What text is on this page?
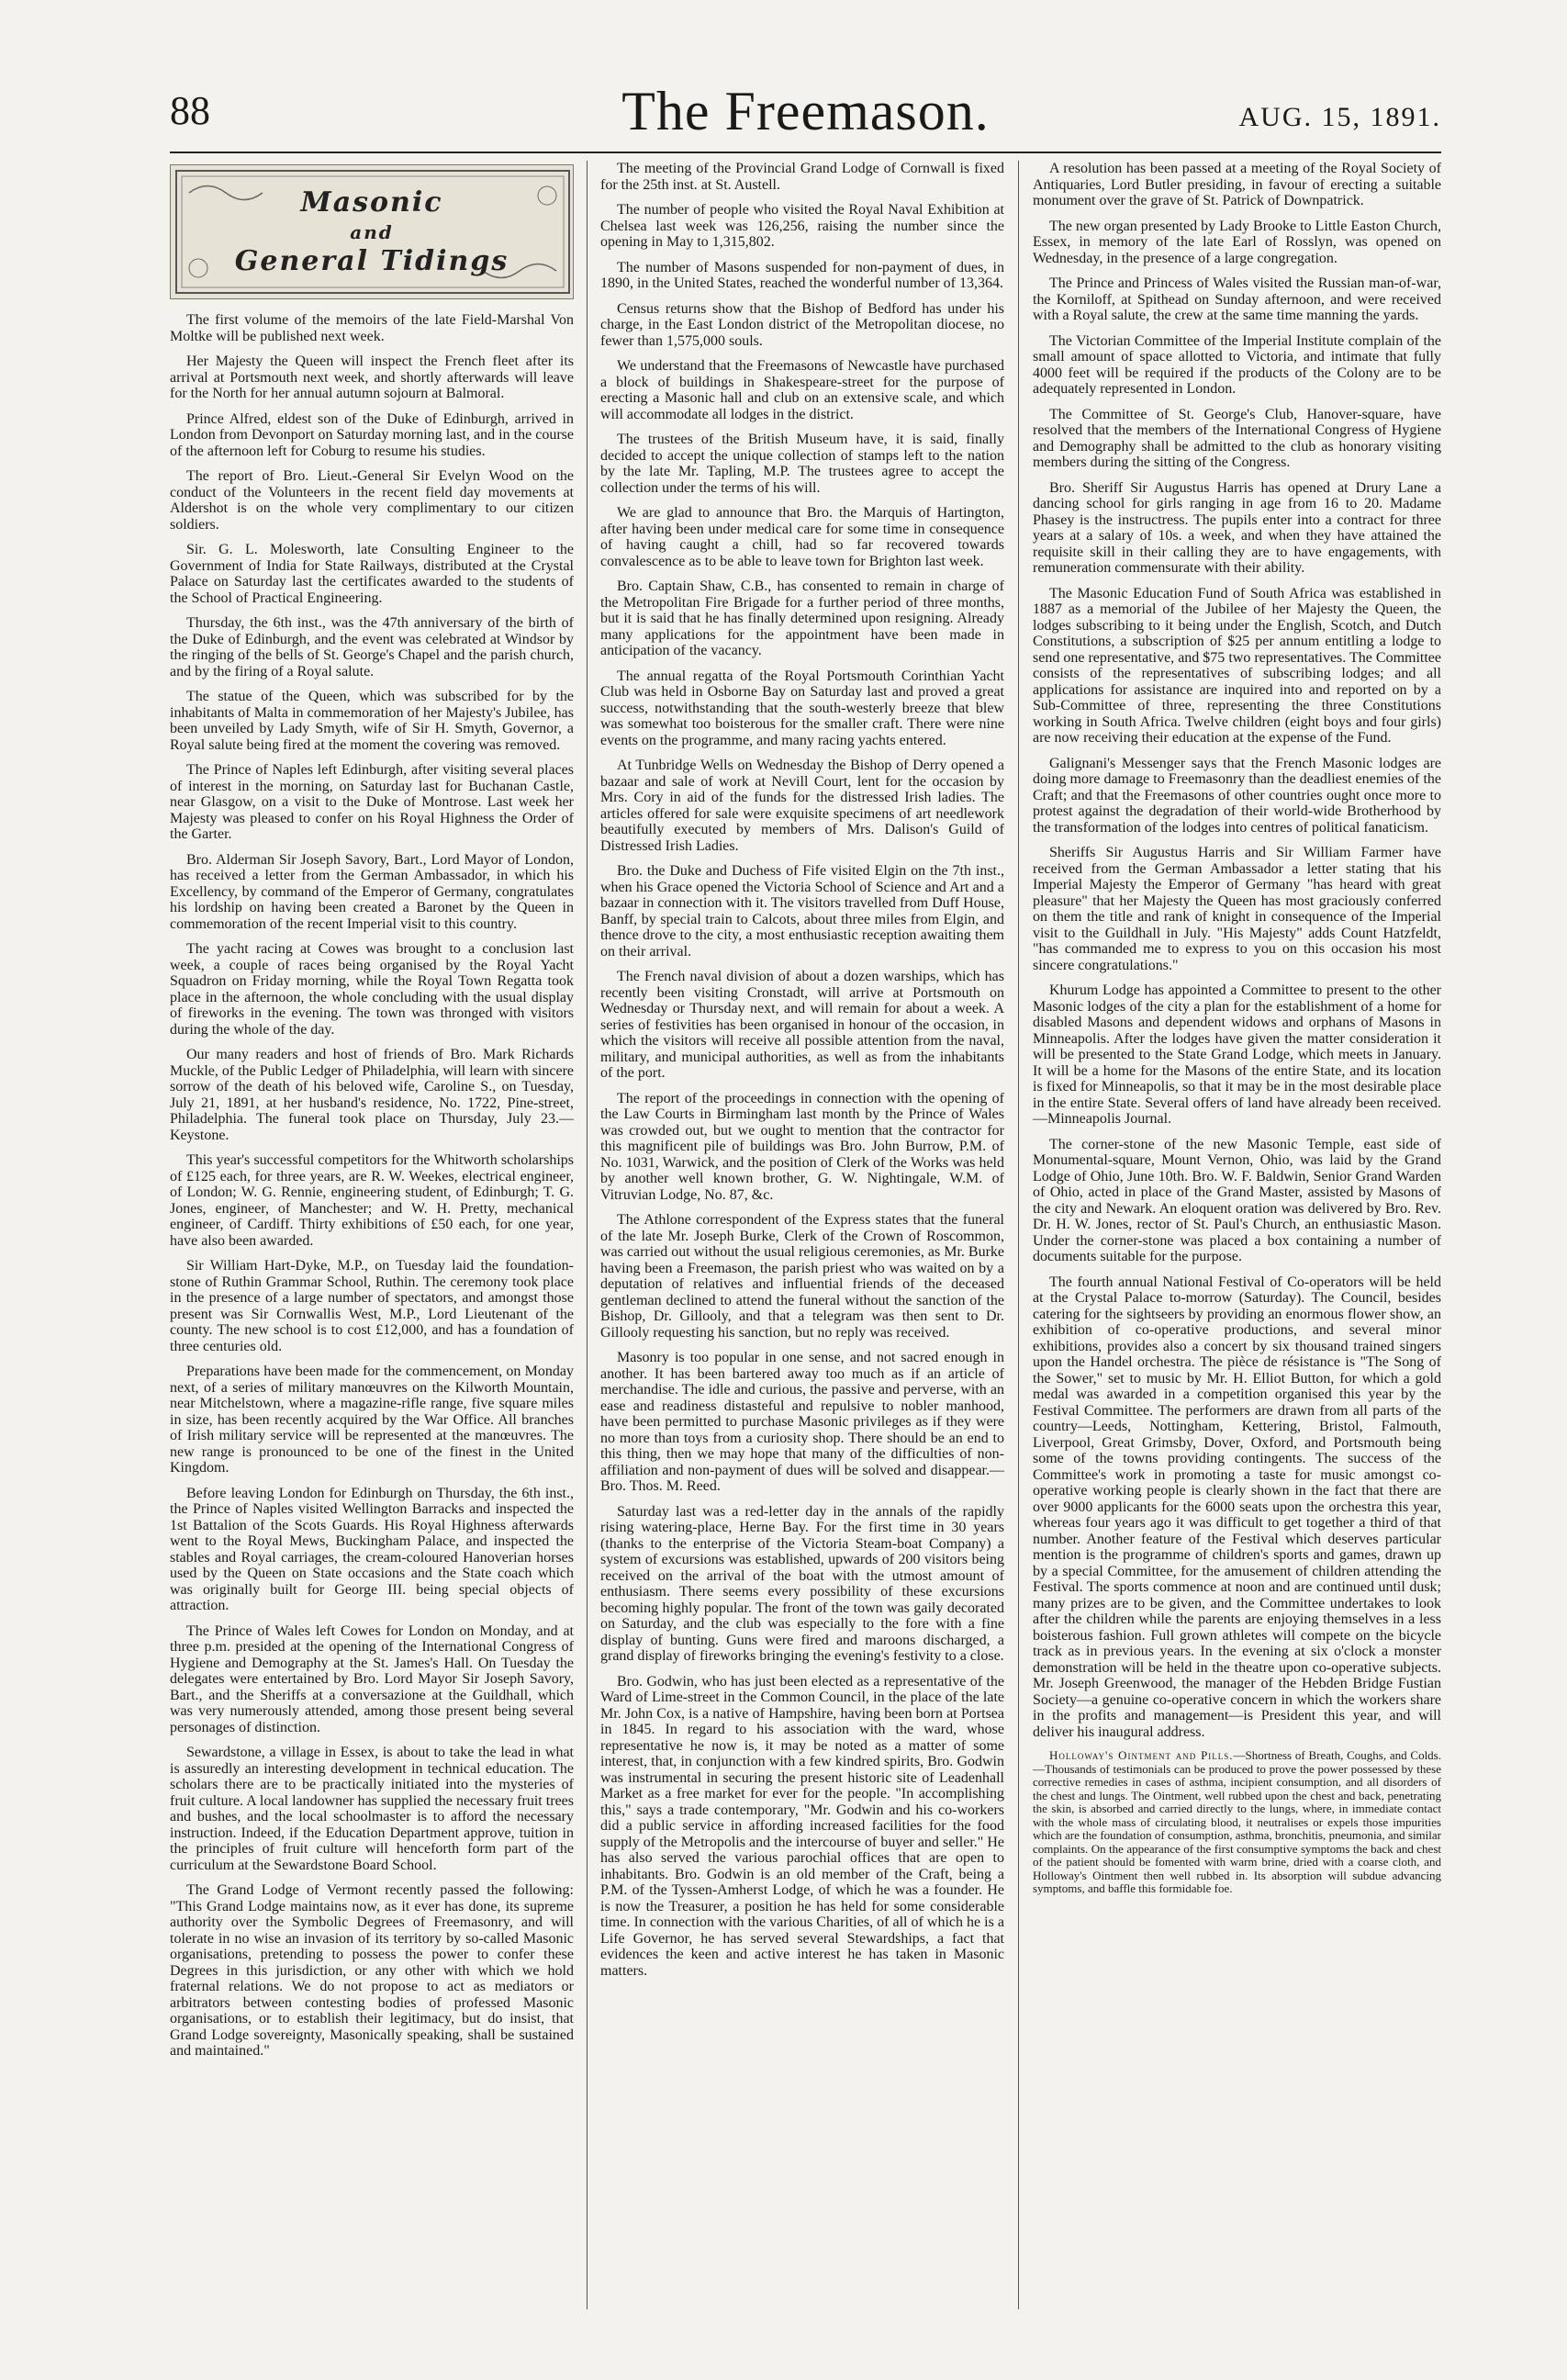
88	The Freemason.	AUG. 15, 1891.
Masonic
and
General Tidings

The first volume of the memoirs of the late Field-Marshal Von Moltke will be published next week.

Her Majesty the Queen will inspect the French fleet after its arrival at Portsmouth next week, and shortly afterwards will leave for the North for her annual autumn sojourn at Balmoral.

Prince Alfred, eldest son of the Duke of Edinburgh, arrived in London from Devonport on Saturday morning last, and in the course of the afternoon left for Coburg to resume his studies.

The report of Bro. Lieut.-General Sir Evelyn Wood on the conduct of the Volunteers in the recent field day movements at Aldershot is on the whole very complimentary to our citizen soldiers.

Sir. G. L. Molesworth, late Consulting Engineer to the Government of India for State Railways, distributed at the Crystal Palace on Saturday last the certificates awarded to the students of the School of Practical Engineering.

Thursday, the 6th inst., was the 47th anniversary of the birth of the Duke of Edinburgh, and the event was celebrated at Windsor by the ringing of the bells of St. George's Chapel and the parish church, and by the firing of a Royal salute.

The statue of the Queen, which was subscribed for by the inhabitants of Malta in commemoration of her Majesty's Jubilee, has been unveiled by Lady Smyth, wife of Sir H. Smyth, Governor, a Royal salute being fired at the moment the covering was removed.

The Prince of Naples left Edinburgh, after visiting several places of interest in the morning, on Saturday last for Buchanan Castle, near Glasgow, on a visit to the Duke of Montrose. Last week her Majesty was pleased to confer on his Royal Highness the Order of the Garter.

Bro. Alderman Sir Joseph Savory, Bart., Lord Mayor of London, has received a letter from the German Ambassador, in which his Excellency, by command of the Emperor of Germany, congratulates his lordship on having been created a Baronet by the Queen in commemoration of the recent Imperial visit to this country.

The yacht racing at Cowes was brought to a conclusion last week, a couple of races being organised by the Royal Yacht Squadron on Friday morning, while the Royal Town Regatta took place in the afternoon, the whole concluding with the usual display of fireworks in the evening. The town was thronged with visitors during the whole of the day.

Our many readers and host of friends of Bro. Mark Richards Muckle, of the Public Ledger of Philadelphia, will learn with sincere sorrow of the death of his beloved wife, Caroline S., on Tuesday, July 21, 1891, at her husband's residence, No. 1722, Pine-street, Philadelphia. The funeral took place on Thursday, July 23.—Keystone.

This year's successful competitors for the Whitworth scholarships of £125 each, for three years, are R. W. Weekes, electrical engineer, of London; W. G. Rennie, engineering student, of Edinburgh; T. G. Jones, engineer, of Manchester; and W. H. Pretty, mechanical engineer, of Cardiff. Thirty exhibitions of £50 each, for one year, have also been awarded.

Sir William Hart-Dyke, M.P., on Tuesday laid the foundation-stone of Ruthin Grammar School, Ruthin. The ceremony took place in the presence of a large number of spectators, and amongst those present was Sir Cornwallis West, M.P., Lord Lieutenant of the county. The new school is to cost £12,000, and has a foundation of three centuries old.

Preparations have been made for the commencement, on Monday next, of a series of military manœuvres on the Kilworth Mountain, near Mitchelstown, where a magazine-rifle range, five square miles in size, has been recently acquired by the War Office. All branches of Irish military service will be represented at the manœuvres. The new range is pronounced to be one of the finest in the United Kingdom.

Before leaving London for Edinburgh on Thursday, the 6th inst., the Prince of Naples visited Wellington Barracks and inspected the 1st Battalion of the Scots Guards. His Royal Highness afterwards went to the Royal Mews, Buckingham Palace, and inspected the stables and Royal carriages, the cream-coloured Hanoverian horses used by the Queen on State occasions and the State coach which was originally built for George III. being special objects of attraction.

The Prince of Wales left Cowes for London on Monday, and at three p.m. presided at the opening of the International Congress of Hygiene and Demography at the St. James's Hall. On Tuesday the delegates were entertained by Bro. Lord Mayor Sir Joseph Savory, Bart., and the Sheriffs at a conversazione at the Guildhall, which was very numerously attended, among those present being several personages of distinction.

Sewardstone, a village in Essex, is about to take the lead in what is assuredly an interesting development in technical education. The scholars there are to be practically initiated into the mysteries of fruit culture. A local landowner has supplied the necessary fruit trees and bushes, and the local schoolmaster is to afford the necessary instruction. Indeed, if the Education Department approve, tuition in the principles of fruit culture will henceforth form part of the curriculum at the Sewardstone Board School.

The Grand Lodge of Vermont recently passed the following: "This Grand Lodge maintains now, as it ever has done, its supreme authority over the Symbolic Degrees of Freemasonry, and will tolerate in no wise an invasion of its territory by so-called Masonic organisations, pretending to possess the power to confer these Degrees in this jurisdiction, or any other with which we hold fraternal relations. We do not propose to act as mediators or arbitrators between contesting bodies of professed Masonic organisations, or to establish their legitimacy, but do insist, that Grand Lodge sovereignty, Masonically speaking, shall be sustained and maintained."

The meeting of the Provincial Grand Lodge of Cornwall is fixed for the 25th inst. at St. Austell.

The number of people who visited the Royal Naval Exhibition at Chelsea last week was 126,256, raising the number since the opening in May to 1,315,802.

The number of Masons suspended for non-payment of dues, in 1890, in the United States, reached the wonderful number of 13,364.

Census returns show that the Bishop of Bedford has under his charge, in the East London district of the Metropolitan diocese, no fewer than 1,575,000 souls.

We understand that the Freemasons of Newcastle have purchased a block of buildings in Shakespeare-street for the purpose of erecting a Masonic hall and club on an extensive scale, and which will accommodate all lodges in the district.

The trustees of the British Museum have, it is said, finally decided to accept the unique collection of stamps left to the nation by the late Mr. Tapling, M.P. The trustees agree to accept the collection under the terms of his will.

We are glad to announce that Bro. the Marquis of Hartington, after having been under medical care for some time in consequence of having caught a chill, had so far recovered towards convalescence as to be able to leave town for Brighton last week.

Bro. Captain Shaw, C.B., has consented to remain in charge of the Metropolitan Fire Brigade for a further period of three months, but it is said that he has finally determined upon resigning. Already many applications for the appointment have been made in anticipation of the vacancy.

The annual regatta of the Royal Portsmouth Corinthian Yacht Club was held in Osborne Bay on Saturday last and proved a great success, notwithstanding that the south-westerly breeze that blew was somewhat too boisterous for the smaller craft. There were nine events on the programme, and many racing yachts entered.

At Tunbridge Wells on Wednesday the Bishop of Derry opened a bazaar and sale of work at Nevill Court, lent for the occasion by Mrs. Cory in aid of the funds for the distressed Irish ladies. The articles offered for sale were exquisite specimens of art needlework beautifully executed by members of Mrs. Dalison's Guild of Distressed Irish Ladies.

Bro. the Duke and Duchess of Fife visited Elgin on the 7th inst., when his Grace opened the Victoria School of Science and Art and a bazaar in connection with it. The visitors travelled from Duff House, Banff, by special train to Calcots, about three miles from Elgin, and thence drove to the city, a most enthusiastic reception awaiting them on their arrival.

The French naval division of about a dozen warships, which has recently been visiting Cronstadt, will arrive at Portsmouth on Wednesday or Thursday next, and will remain for about a week. A series of festivities has been organised in honour of the occasion, in which the visitors will receive all possible attention from the naval, military, and municipal authorities, as well as from the inhabitants of the port.

The report of the proceedings in connection with the opening of the Law Courts in Birmingham last month by the Prince of Wales was crowded out, but we ought to mention that the contractor for this magnificent pile of buildings was Bro. John Burrow, P.M. of No. 1031, Warwick, and the position of Clerk of the Works was held by another well known brother, G. W. Nightingale, W.M. of Vitruvian Lodge, No. 87, &c.

The Athlone correspondent of the Express states that the funeral of the late Mr. Joseph Burke, Clerk of the Crown of Roscommon, was carried out without the usual religious ceremonies, as Mr. Burke having been a Freemason, the parish priest who was waited on by a deputation of relatives and influential friends of the deceased gentleman declined to attend the funeral without the sanction of the Bishop, Dr. Gillooly, and that a telegram was then sent to Dr. Gillooly requesting his sanction, but no reply was received.

Masonry is too popular in one sense, and not sacred enough in another. It has been bartered away too much as if an article of merchandise. The idle and curious, the passive and perverse, with an ease and readiness distasteful and repulsive to nobler manhood, have been permitted to purchase Masonic privileges as if they were no more than toys from a curiosity shop. There should be an end to this thing, then we may hope that many of the difficulties of non-affiliation and non-payment of dues will be solved and disappear.—Bro. Thos. M. Reed.

Saturday last was a red-letter day in the annals of the rapidly rising watering-place, Herne Bay. For the first time in 30 years (thanks to the enterprise of the Victoria Steam-boat Company) a system of excursions was established, upwards of 200 visitors being received on the arrival of the boat with the utmost amount of enthusiasm. There seems every possibility of these excursions becoming highly popular. The front of the town was gaily decorated on Saturday, and the club was especially to the fore with a fine display of bunting. Guns were fired and maroons discharged, a grand display of fireworks bringing the evening's festivity to a close.

Bro. Godwin, who has just been elected as a representative of the Ward of Lime-street in the Common Council, in the place of the late Mr. John Cox, is a native of Hampshire, having been born at Portsea in 1845. In regard to his association with the ward, whose representative he now is, it may be noted as a matter of some interest, that, in conjunction with a few kindred spirits, Bro. Godwin was instrumental in securing the present historic site of Leadenhall Market as a free market for ever for the people. "In accomplishing this," says a trade contemporary, "Mr. Godwin and his co-workers did a public service in affording increased facilities for the food supply of the Metropolis and the intercourse of buyer and seller." He has also served the various parochial offices that are open to inhabitants. Bro. Godwin is an old member of the Craft, being a P.M. of the Tyssen-Amherst Lodge, of which he was a founder. He is now the Treasurer, a position he has held for some considerable time. In connection with the various Charities, of all of which he is a Life Governor, he has served several Stewardships, a fact that evidences the keen and active interest he has taken in Masonic matters.

A resolution has been passed at a meeting of the Royal Society of Antiquaries, Lord Butler presiding, in favour of erecting a suitable monument over the grave of St. Patrick of Downpatrick.

The new organ presented by Lady Brooke to Little Easton Church, Essex, in memory of the late Earl of Rosslyn, was opened on Wednesday, in the presence of a large congregation.

The Prince and Princess of Wales visited the Russian man-of-war, the Korniloff, at Spithead on Sunday afternoon, and were received with a Royal salute, the crew at the same time manning the yards.

The Victorian Committee of the Imperial Institute complain of the small amount of space allotted to Victoria, and intimate that fully 4000 feet will be required if the products of the Colony are to be adequately represented in London.

The Committee of St. George's Club, Hanover-square, have resolved that the members of the International Congress of Hygiene and Demography shall be admitted to the club as honorary visiting members during the sitting of the Congress.

Bro. Sheriff Sir Augustus Harris has opened at Drury Lane a dancing school for girls ranging in age from 16 to 20. Madame Phasey is the instructress. The pupils enter into a contract for three years at a salary of 10s. a week, and when they have attained the requisite skill in their calling they are to have engagements, with remuneration commensurate with their ability.

The Masonic Education Fund of South Africa was established in 1887 as a memorial of the Jubilee of her Majesty the Queen, the lodges subscribing to it being under the English, Scotch, and Dutch Constitutions, a subscription of $25 per annum entitling a lodge to send one representative, and $75 two representatives. The Committee consists of the representatives of subscribing lodges; and all applications for assistance are inquired into and reported on by a Sub-Committee of three, representing the three Constitutions working in South Africa. Twelve children (eight boys and four girls) are now receiving their education at the expense of the Fund.

Galignani's Messenger says that the French Masonic lodges are doing more damage to Freemasonry than the deadliest enemies of the Craft; and that the Freemasons of other countries ought once more to protest against the degradation of their world-wide Brotherhood by the transformation of the lodges into centres of political fanaticism.

Sheriffs Sir Augustus Harris and Sir William Farmer have received from the German Ambassador a letter stating that his Imperial Majesty the Emperor of Germany "has heard with great pleasure" that her Majesty the Queen has most graciously conferred on them the title and rank of knight in consequence of the Imperial visit to the Guildhall in July. "His Majesty" adds Count Hatzfeldt, "has commanded me to express to you on this occasion his most sincere congratulations."

Khurum Lodge has appointed a Committee to present to the other Masonic lodges of the city a plan for the establishment of a home for disabled Masons and dependent widows and orphans of Masons in Minneapolis. After the lodges have given the matter consideration it will be presented to the State Grand Lodge, which meets in January. It will be a home for the Masons of the entire State, and its location is fixed for Minneapolis, so that it may be in the most desirable place in the entire State. Several offers of land have already been received.—Minneapolis Journal.

The corner-stone of the new Masonic Temple, east side of Monumental-square, Mount Vernon, Ohio, was laid by the Grand Lodge of Ohio, June 10th. Bro. W. F. Baldwin, Senior Grand Warden of Ohio, acted in place of the Grand Master, assisted by Masons of the city and Newark. An eloquent oration was delivered by Bro. Rev. Dr. H. W. Jones, rector of St. Paul's Church, an enthusiastic Mason. Under the corner-stone was placed a box containing a number of documents suitable for the purpose.

The fourth annual National Festival of Co-operators will be held at the Crystal Palace to-morrow (Saturday). The Council, besides catering for the sightseers by providing an enormous flower show, an exhibition of co-operative productions, and several minor exhibitions, provides also a concert by six thousand trained singers upon the Handel orchestra. The pièce de résistance is "The Song of the Sower," set to music by Mr. H. Elliot Button, for which a gold medal was awarded in a competition organised this year by the Festival Committee. The performers are drawn from all parts of the country—Leeds, Nottingham, Kettering, Bristol, Falmouth, Liverpool, Great Grimsby, Dover, Oxford, and Portsmouth being some of the towns providing contingents. The success of the Committee's work in promoting a taste for music amongst co-operative working people is clearly shown in the fact that there are over 9000 applicants for the 6000 seats upon the orchestra this year, whereas four years ago it was difficult to get together a third of that number. Another feature of the Festival which deserves particular mention is the programme of children's sports and games, drawn up by a special Committee, for the amusement of children attending the Festival. The sports commence at noon and are continued until dusk; many prizes are to be given, and the Committee undertakes to look after the children while the parents are enjoying themselves in a less boisterous fashion. Full grown athletes will compete on the bicycle track as in previous years. In the evening at six o'clock a monster demonstration will be held in the theatre upon co-operative subjects. Mr. Joseph Greenwood, the manager of the Hebden Bridge Fustian Society—a genuine co-operative concern in which the workers share in the profits and management—is President this year, and will deliver his inaugural address.

Holloway's Ointment and Pills.—Shortness of Breath, Coughs, and Colds.—Thousands of testimonials can be produced to prove the power possessed by these corrective remedies in cases of asthma, incipient consumption, and all disorders of the chest and lungs. The Ointment, well rubbed upon the chest and back, penetrating the skin, is absorbed and carried directly to the lungs, where, in immediate contact with the whole mass of circulating blood, it neutralises or expels those impurities which are the foundation of consumption, asthma, bronchitis, pneumonia, and similar complaints. On the appearance of the first consumptive symptoms the back and chest of the patient should be fomented with warm brine, dried with a coarse cloth, and Holloway's Ointment then well rubbed in. Its absorption will subdue advancing symptoms, and baffle this formidable foe.
